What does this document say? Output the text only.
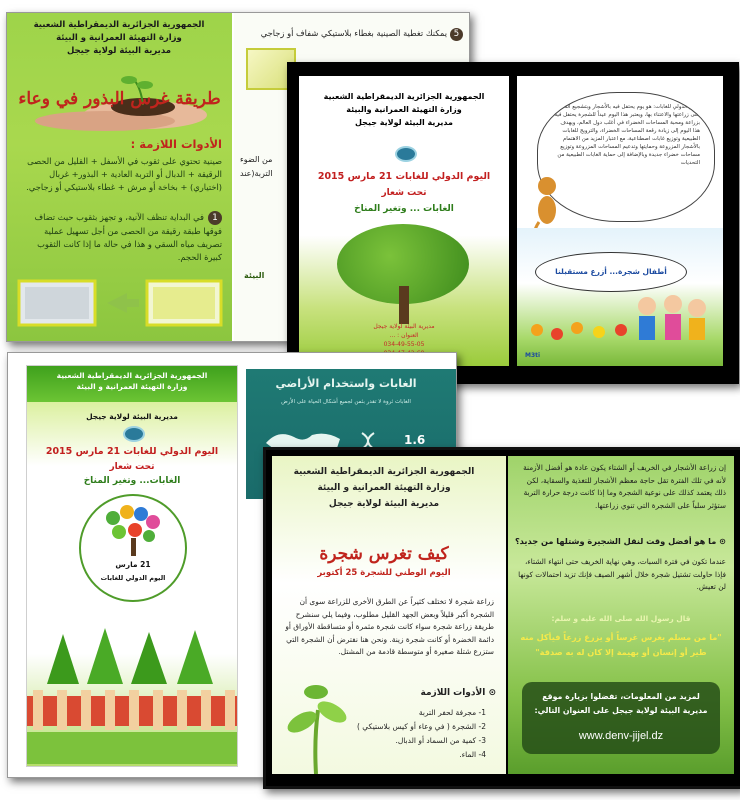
الجمهورية الجزائرية الديمقراطية الشعبية
وزارة التهيئة العمرانية و البيئة
مديرية البيئة لولاية جيجل
طريقة غرس البذور في وعاء
الأدوات اللازمة :
صينية تحتوي على ثقوب في الأسفل + القليل من الحصى الرقيقة + الدبال أو التربة العادية + البذور+ غربال (اختياري) + بخاخة أو مرش + غطاء بلاستيكي أو زجاجي.
1في البداية تنظف الآنية، و تجهز بثقوب حيث تضاف فوقها طبقة رقيقة من الحصى من أجل تسهيل عملية تصريف مياه السقي و هذا في حالة ما إذا كانت الثقوب كبيرة الحجم.
5يمكنك تغطية الصينية بغطاء بلاستيكي شفاف أو زجاجي
من الضوء
التربة(عند
البيئة
الجمهورية الجزائرية الديمقراطية الشعبية
وزارة التهيئة العمرانية والبيئة
مديرية البيئة لولاية جيجل
اليوم الدولي للغابات 21 مارس 2015
تحت شعار
الغابات ... وتغير المناخ
مديرية البيئة لولاية جيجل
العنوان : ...
034-49-55-05
اليوم الدولي للغابات: هو يوم يحتفل فيه بالأشجار وبتشجيع الناس على زراعتها والاعتناء بها، ويعتبر هذا اليوم عيداً للشجرة يحتفل فيه بزراعة ومحبة المساحات الخضراء في أغلب دول العالم، ويهدف هذا اليوم إلى زيادة رقعة المساحات الخضراء، والترويج للغابات الطبيعية وتوزيع غابات اصطناعية، مع اعتبار المزيد من الاهتمام بالأشجار المزروعة وحمايتها وتدعيم المساحات المزروعة وتوزيع مساحات خضراء جديدة وبالإضافة إلى حماية الغابات الطبيعية من التحديات
أطفال شجرة... أزرع مستقبلنا
M3ti
الجمهورية الجزائرية الديمقراطية الشعبية
وزارة التهيئة العمرانية و البيئة
مديرية البيئة لولاية جيجل
اليوم الدولي للغابات 21 مارس 2015
تحت شعار
الغابات... وتغير المناخ
21 مارس
اليوم الدولي للغابات
الغابات واستخدام الأراضي
الغابات ثروة لا تقدر بثمن لجميع أشكال الحياة على الأرض
1.6
الجمهورية الجزائرية الديمقراطية الشعبية
وزارة التهيئة العمرانية و البيئة
مديرية البيئة لولاية جيجل
كيف تغرس شجرة
اليوم الوطني للشجرة 25 أكتوبر
زراعة شجرة لا تختلف كثيراً عن الطرق الأخرى للزراعة سوى أن الشجرة أكبر قليلاً وبعض الجهد القليل مطلوب، وفيما يلي سنشرح طريقة زراعة شجرة سواء كانت شجرة مثمرة أو متساقطة الأوراق أو دائمة الخضرة أو كانت شجرة زينة. ونحن هنا نفترض أن الشجرة التي ستزرع شتلة صغيرة أو متوسطة قادمة من المشتل.
⊙ الأدوات اللازمة
1- مجرفة لحفر التربة
2- الشجرة ( في وعاء أو كيس بلاستيكي )
3- كمية من السماد أو الدبال.
4- الماء.
إن زراعة الأشجار في الخريف أو الشتاء يكون عادة هو أفضل الأزمنة لأنه في تلك الفترة تقل حاجة معظم الأشجار للتغذية والسقاية، لكن ذلك يعتمد كذلك على نوعية الشجرة وما إذا كانت درجة حرارة التربة ستؤثر سلباً على الشجرة التي تنوي زراعتها.
⊙ ما هو أفضل وقت لنقل الشجيرة وشتلها من جديد؟
عندما تكون في فترة السبات، وهي نهاية الخريف حتى انتهاء الشتاء، فإذا حاولت تشتيل شجرة خلال أشهر الصيف فإنك تزيد احتمالات كونها لن تعيش.
قال رسول الله صلى الله عليه و سلم:
"ما من مسلم يغرس غرساً أو يزرع زرعاً فيأكل منه طير أو إنسان أو بهيمة إلا كان له به صدقة"
لمزيد من المعلومات، تفضلوا بزيارة موقع مديرية البيئة لولاية جيجل على العنوان التالي:
www.denv-jijel.dz
